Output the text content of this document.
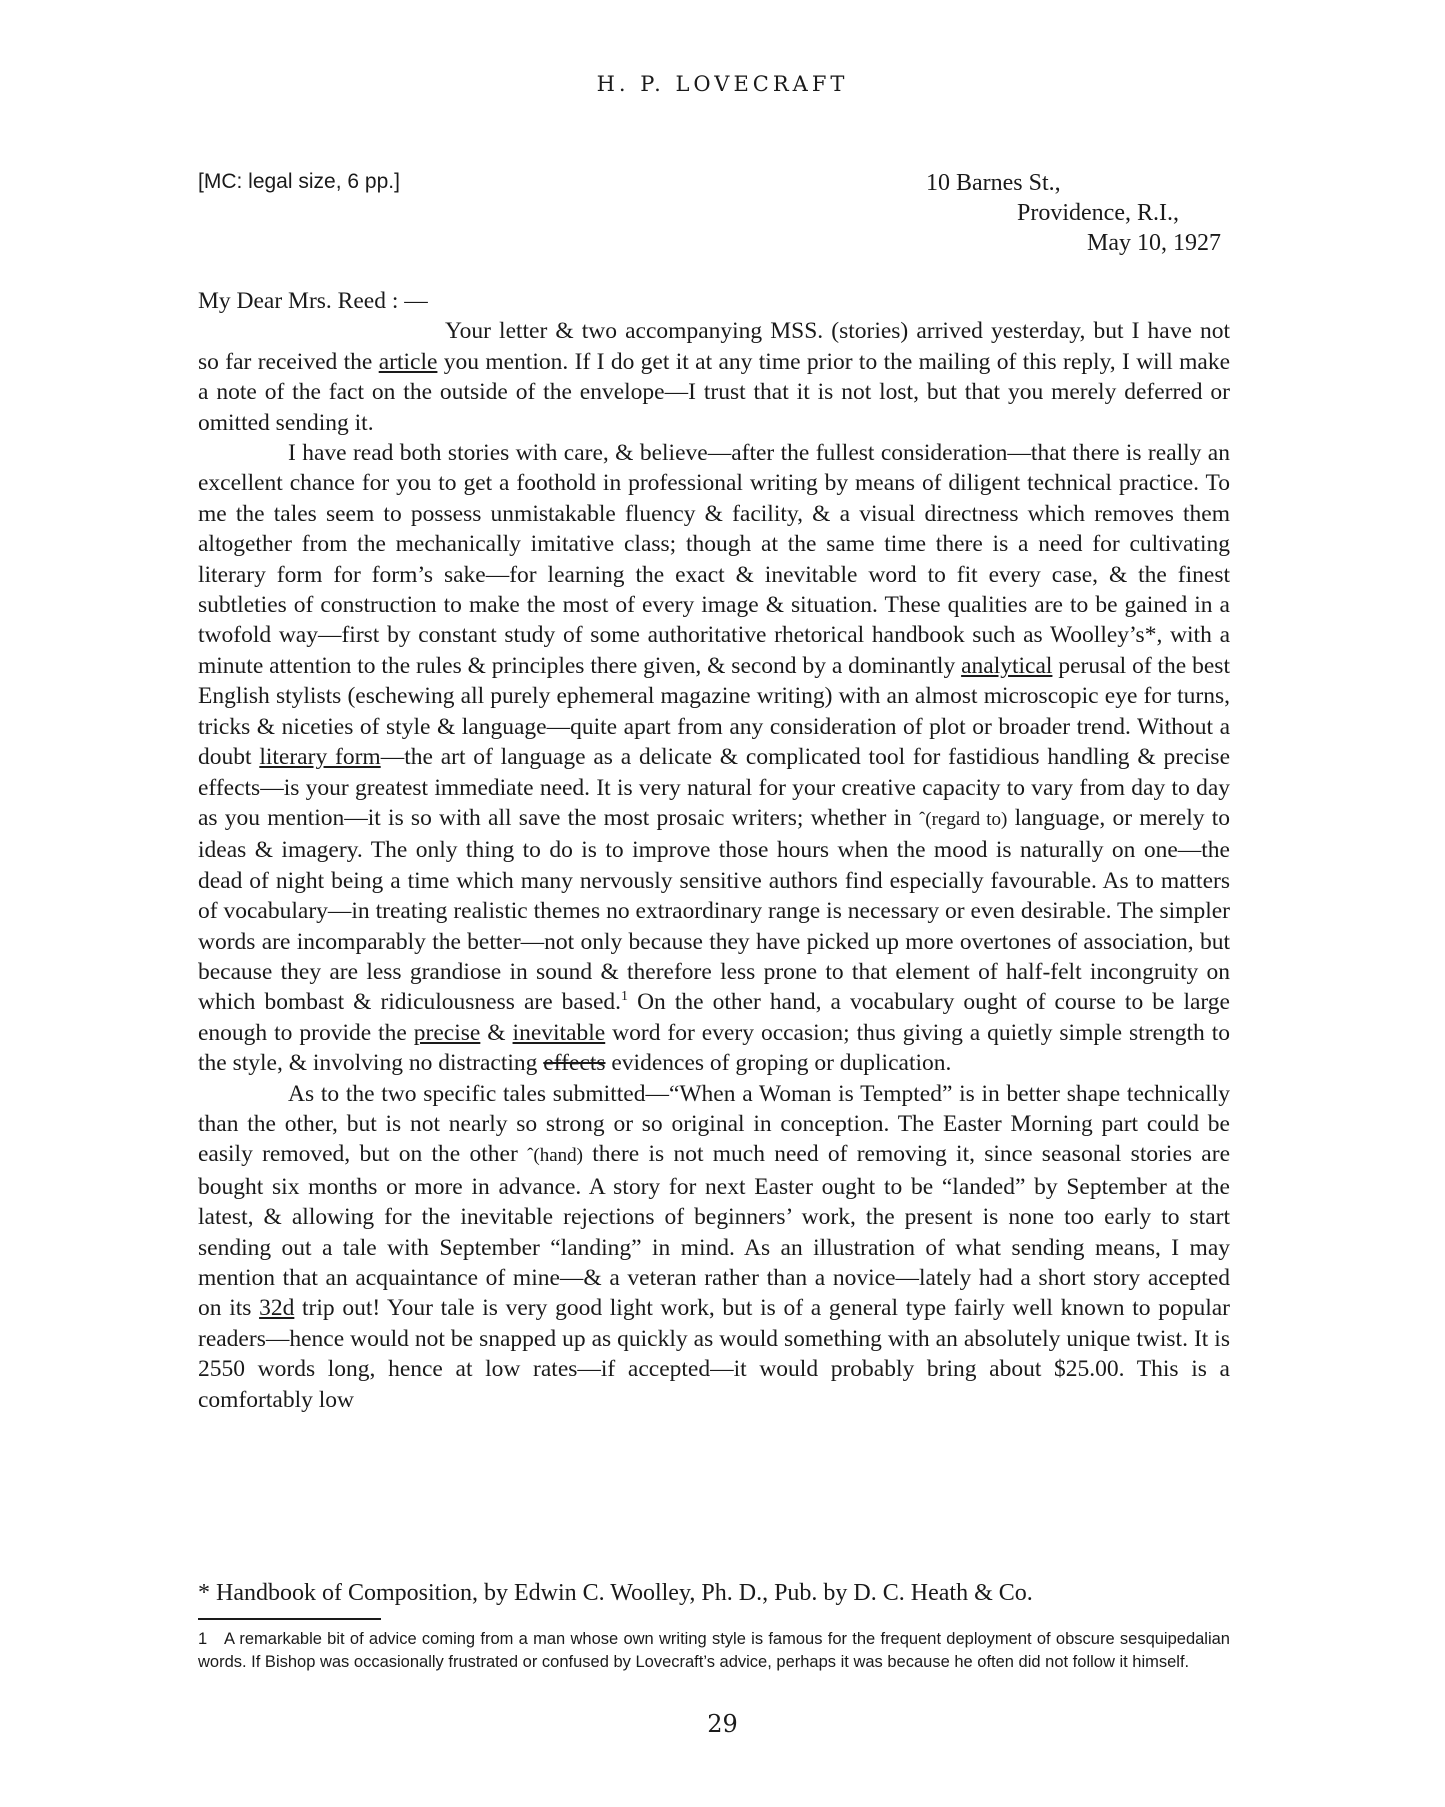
H. P. LOVECRAFT
[MC: legal size, 6 pp.]	10 Barnes St.,
Providence, R.I.,
May 10, 1927

My Dear Mrs. Reed : —

Your letter & two accompanying MSS. (stories) arrived yesterday, but I have not so far received the article you mention. If I do get it at any time prior to the mailing of this reply, I will make a note of the fact on the outside of the envelope—I trust that it is not lost, but that you merely deferred or omitted sending it.

I have read both stories with care, & believe—after the fullest consideration—that there is really an excellent chance for you to get a foothold in professional writing by means of diligent technical practice. To me the tales seem to possess unmistakable fluency & facility, & a visual directness which removes them altogether from the mechanically imitative class; though at the same time there is a need for cultivating literary form for form’s sake—for learning the exact & inevitable word to fit every case, & the finest subtleties of construction to make the most of every image & situation. These qualities are to be gained in a twofold way—first by constant study of some authoritative rhetorical handbook such as Woolley’s*, with a minute attention to the rules & principles there given, & second by a dominantly analytical perusal of the best English stylists (eschewing all purely ephemeral magazine writing) with an almost microscopic eye for turns, tricks & niceties of style & language—quite apart from any consideration of plot or broader trend. Without a doubt literary form—the art of language as a delicate & complicated tool for fastidious handling & precise effects—is your greatest immediate need. It is very natural for your creative capacity to vary from day to day as you mention—it is so with all save the most prosaic writers; whether in ˆ(regard to) language, or merely to ideas & imagery. The only thing to do is to improve those hours when the mood is naturally on one—the dead of night being a time which many nervously sensitive authors find especially favourable. As to matters of vocabulary—in treating realistic themes no extraordinary range is necessary or even desirable. The simpler words are incomparably the better—not only because they have picked up more overtones of association, but because they are less grandiose in sound & therefore less prone to that element of half-felt incongruity on which bombast & ridiculousness are based.$^1$ On the other hand, a vocabulary ought of course to be large enough to provide the precise & inevitable word for every occasion; thus giving a quietly simple strength to the style, & involving no distracting effects evidences of groping or duplication.

As to the two specific tales submitted—“When a Woman is Tempted” is in better shape technically than the other, but is not nearly so strong or so original in conception. The Easter Morning part could be easily removed, but on the other ˆ(hand) there is not much need of removing it, since seasonal stories are bought six months or more in advance. A story for next Easter ought to be “landed” by September at the latest, & allowing for the inevitable rejections of beginners’ work, the present is none too early to start sending out a tale with September “landing” in mind. As an illustration of what sending means, I may mention that an acquaintance of mine—& a veteran rather than a novice—lately had a short story accepted on its 32d trip out! Your tale is very good light work, but is of a general type fairly well known to popular readers—hence would not be snapped up as quickly as would something with an absolutely unique twist. It is 2550 words long, hence at low rates—if accepted—it would probably bring about $25.00. This is a comfortably low

* Handbook of Composition, by Edwin C. Woolley, Ph. D., Pub. by D. C. Heath & Co.
1 A remarkable bit of advice coming from a man whose own writing style is famous for the frequent deployment of obscure sesquipedalian words. If Bishop was occasionally frustrated or confused by Lovecraft’s advice, perhaps it was because he often did not follow it himself.
29
